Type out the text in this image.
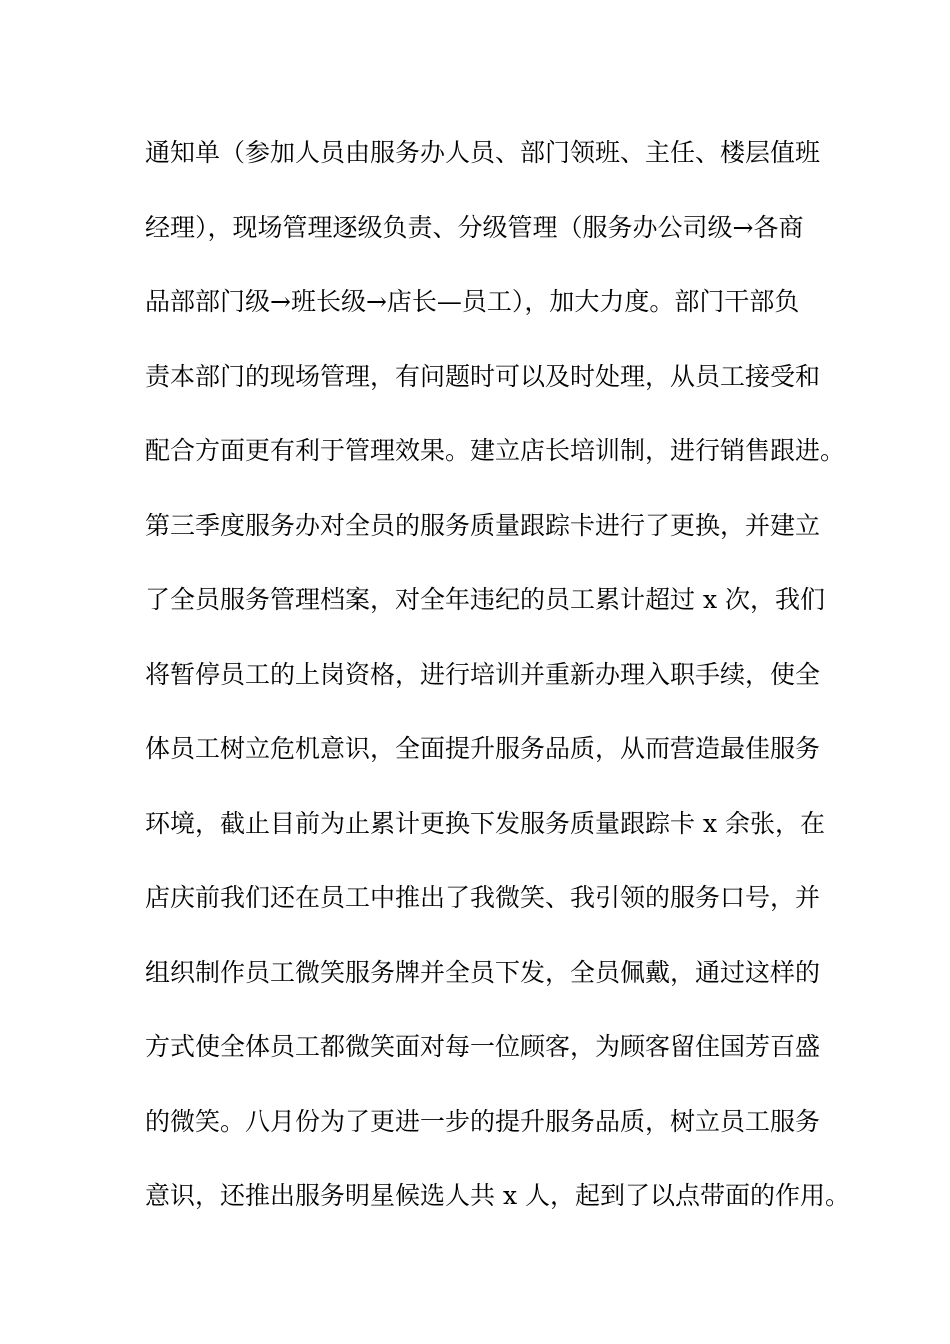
通知单（参加人员由服务办人员、部门领班、主任、楼层值班
经理），现场管理逐级负责、分级管理（服务办公司级→各商
品部部门级→班长级→店长—员工），加大力度。部门干部负
责本部门的现场管理，有问题时可以及时处理，从员工接受和
配合方面更有利于管理效果。建立店长培训制，进行销售跟进。
第三季度服务办对全员的服务质量跟踪卡进行了更换，并建立
了全员服务管理档案，对全年违纪的员工累计超过 x 次，我们
将暂停员工的上岗资格，进行培训并重新办理入职手续，使全
体员工树立危机意识，全面提升服务品质，从而营造最佳服务
环境，截止目前为止累计更换下发服务质量跟踪卡 x 余张，在
店庆前我们还在员工中推出了我微笑、我引领的服务口号，并
组织制作员工微笑服务牌并全员下发，全员佩戴，通过这样的
方式使全体员工都微笑面对每一位顾客，为顾客留住国芳百盛
的微笑。八月份为了更进一步的提升服务品质，树立员工服务
意识，还推出服务明星候选人共 x 人，起到了以点带面的作用。
